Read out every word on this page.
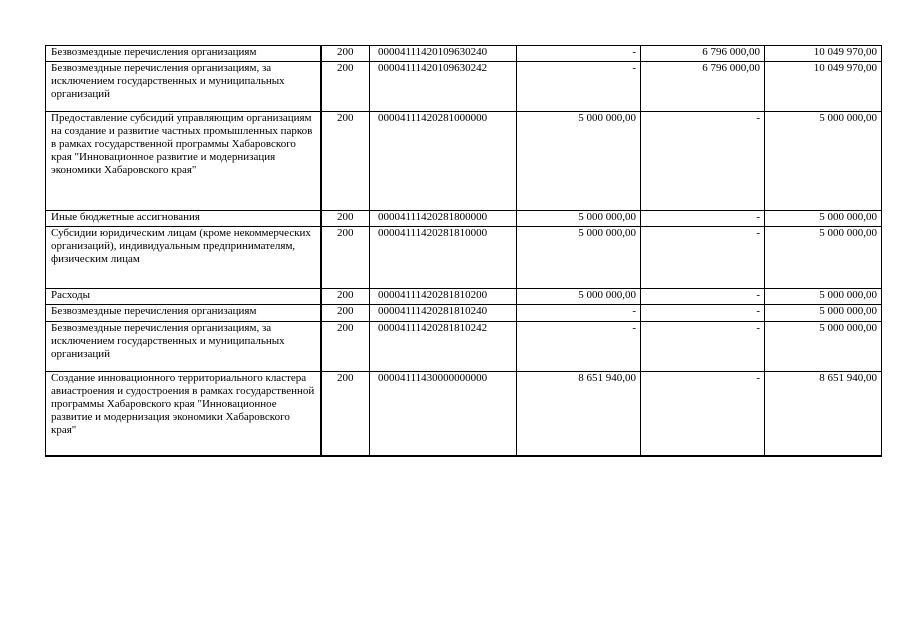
Безвозмездные перечисления организациям	200	00004111420109630240	-	6 796 000,00	10 049 970,00
Безвозмездные перечисления организациям, за исключением государственных и муниципальных организаций	200	00004111420109630242	-	6 796 000,00	10 049 970,00
Предоставление субсидий управляющим организациям на создание и развитие частных промышленных парков в рамках государственной программы Хабаровского края "Инновационное развитие и модернизация экономики Хабаровского края"	200	00004111420281000000	5 000 000,00	-	5 000 000,00
Иные бюджетные ассигнования	200	00004111420281800000	5 000 000,00	-	5 000 000,00
Субсидии юридическим лицам (кроме некоммерческих организаций), индивидуальным предпринимателям, физическим лицам	200	00004111420281810000	5 000 000,00	-	5 000 000,00
Расходы	200	00004111420281810200	5 000 000,00	-	5 000 000,00
Безвозмездные перечисления организациям	200	00004111420281810240	-	-	5 000 000,00
Безвозмездные перечисления организациям, за исключением государственных и муниципальных организаций	200	00004111420281810242	-	-	5 000 000,00
Создание инновационного территориального кластера авиастроения и судостроения в рамках государственной программы Хабаровского края "Инновационное развитие и модернизация экономики Хабаровского края"	200	00004111430000000000	8 651 940,00	-	8 651 940,00
